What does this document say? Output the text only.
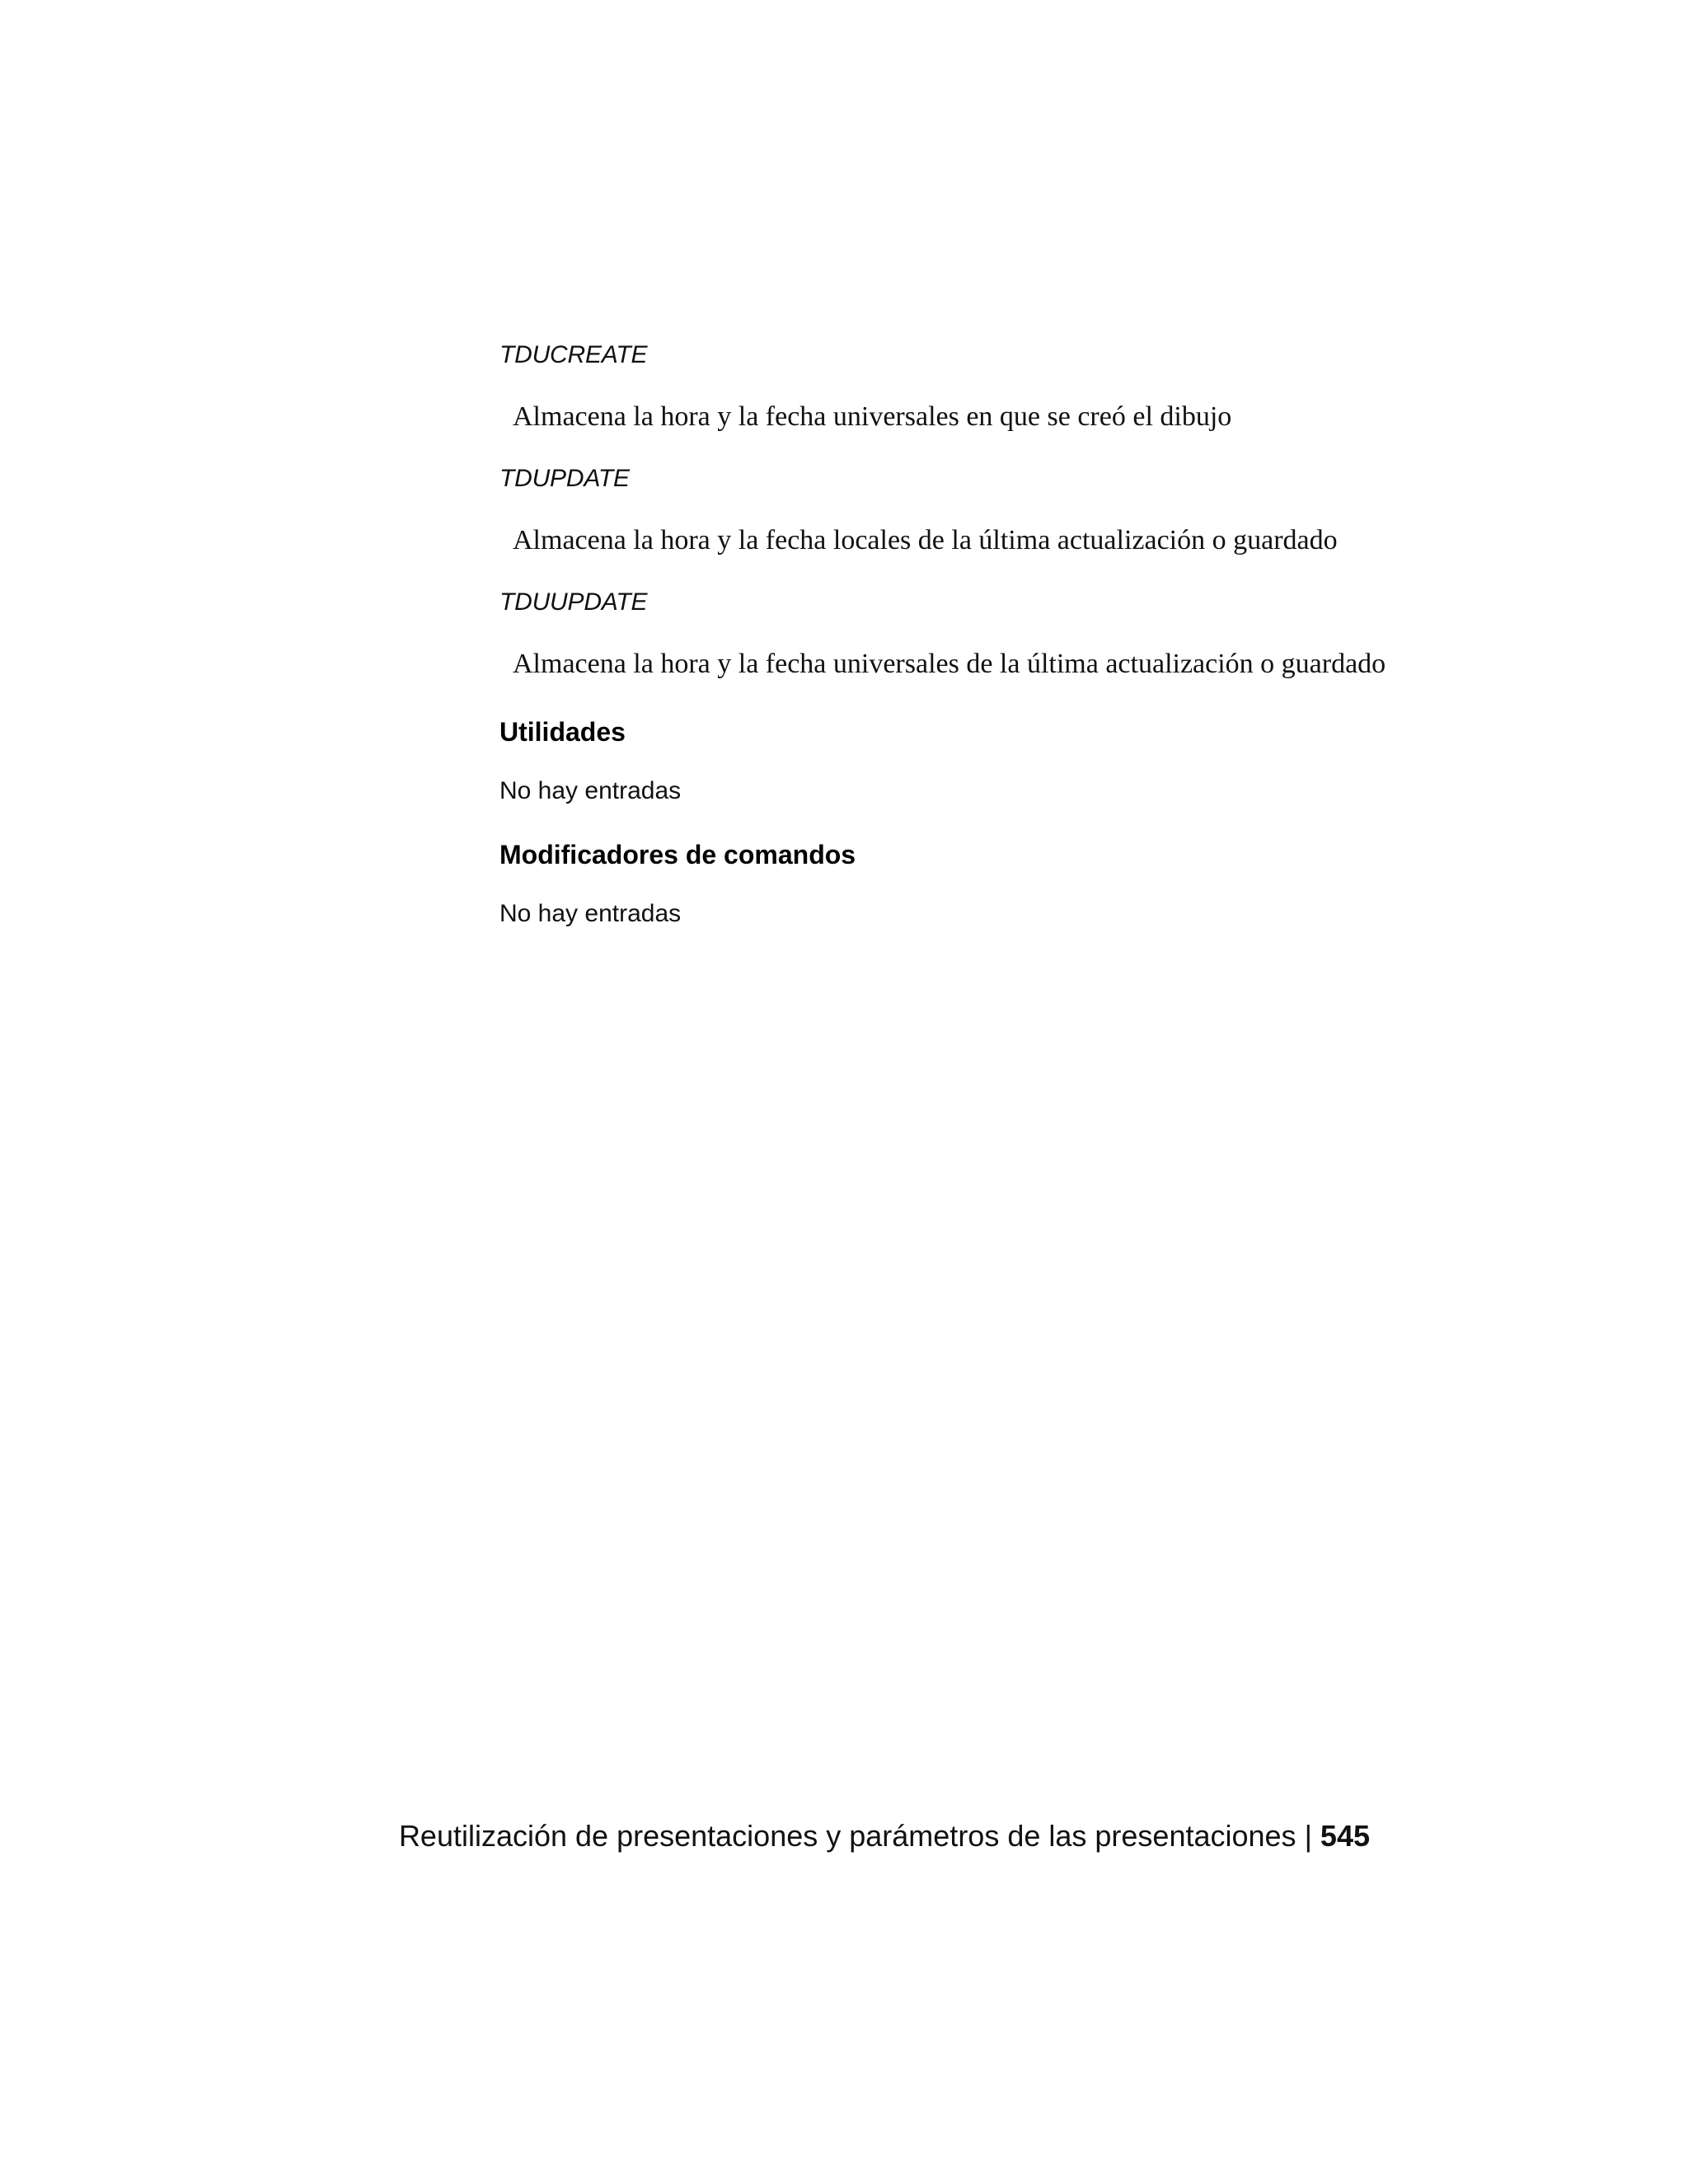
TDUCREATE
Almacena la hora y la fecha universales en que se creó el dibujo
TDUPDATE
Almacena la hora y la fecha locales de la última actualización o guardado
TDUUPDATE
Almacena la hora y la fecha universales de la última actualización o guardado
Utilidades

No hay entradas

Modificadores de comandos

No hay entradas

Reutilización de presentaciones y parámetros de las presentaciones | 545
